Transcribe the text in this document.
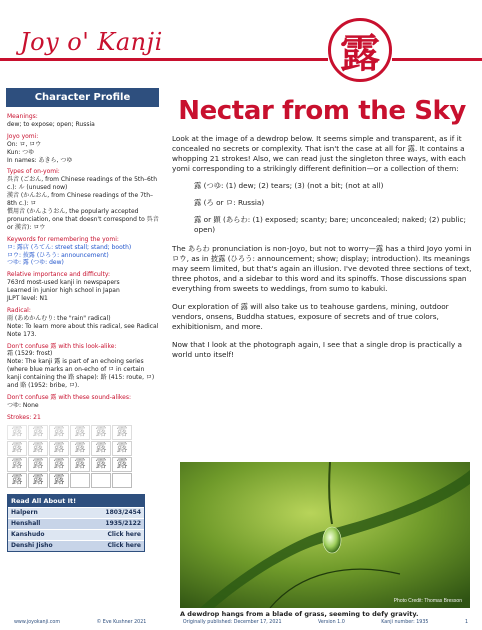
Joy o' Kanji	露
Character Profile
Meanings:
dew; to expose; open; Russia
Joyo yomi:
On: ロ, ロウ
Kun: つゆ
In names: あきら, つゆ
Types of on-yomi:
呉音 (ごおん, from Chinese readings of the 5th–6th c.): ル (unused now)
漢音 (かんおん, from Chinese readings of the 7th–8th c.): ロ
慣用音 (かんようおん, the popularly accepted pronunciation, one that doesn't correspond to 呉音 or 漢音): ロウ
Keywords for remembering the yomi:
ロ: 露店 (ろてん: street stall; stand; booth)
ロウ: 披露 (ひろう: announcement)
つゆ: 露 (つゆ: dew)
Relative importance and difficulty:
763rd most-used kanji in newspapers
Learned in junior high school in Japan
JLPT level: N1
Radical:
雨 (あめかんむり: the "rain" radical)
Note: To learn more about this radical, see Radical Note 173.
Don't confuse 露 with this look-alike:
霜 (1529: frost)
Note: The kanji 露 is part of an echoing series (where blue marks an on-echo of ロ in certain kanji containing the 路 shape): 路 (415: route, ロ) and 賂 (1952: bribe, ロ).
Don't confuse 露 with these sound-alikes:
つゆ: None
Strokes: 21
露 露 露 露 露 露
露 露 露 露 露 露
露 露 露 露 露 露
露 露 露
Read All About It!
Halpern	1803/2454
Henshall	1935/2122
Kanshudo	Click here
Denshi Jisho	Click here
Nectar from the Sky
Look at the image of a dewdrop below. It seems simple and transparent, as if it concealed no secrets or complexity. That isn't the case at all for 露. It contains a whopping 21 strokes! Also, we can read just the singleton three ways, with each yomi corresponding to a strikingly different definition—or a collection of them:
露 (つゆ: (1) dew; (2) tears; (3) (not a bit; (not at all)
露 (ろ or ロ: Russia)
露 or 顕 (あらわ: (1) exposed; scanty; bare; unconcealed; naked; (2) public; open)
The あらわ pronunciation is non-Joyo, but not to worry—露 has a third Joyo yomi in ロウ, as in 披露 (ひろう: announcement; show; display; introduction). Its meanings may seem limited, but that's again an illusion. I've devoted three sections of text, three photos, and a sidebar to this word and its spinoffs. Those discussions span everything from sweets to weddings, from sumo to kabuki.
Our exploration of 露 will also take us to teahouse gardens, mining, outdoor vendors, onsens, Buddha statues, exposure of secrets and of true colors, exhibitionism, and more.
Now that I look at the photograph again, I see that a single drop is practically a world unto itself!
Photo Credit: Thomas Bresson
A dewdrop hangs from a blade of grass, seeming to defy gravity.
www.joyokanji.com	© Eve Kushner 2021	Originally published: December 17, 2021	Version 1.0	Kanji number: 1935	1
